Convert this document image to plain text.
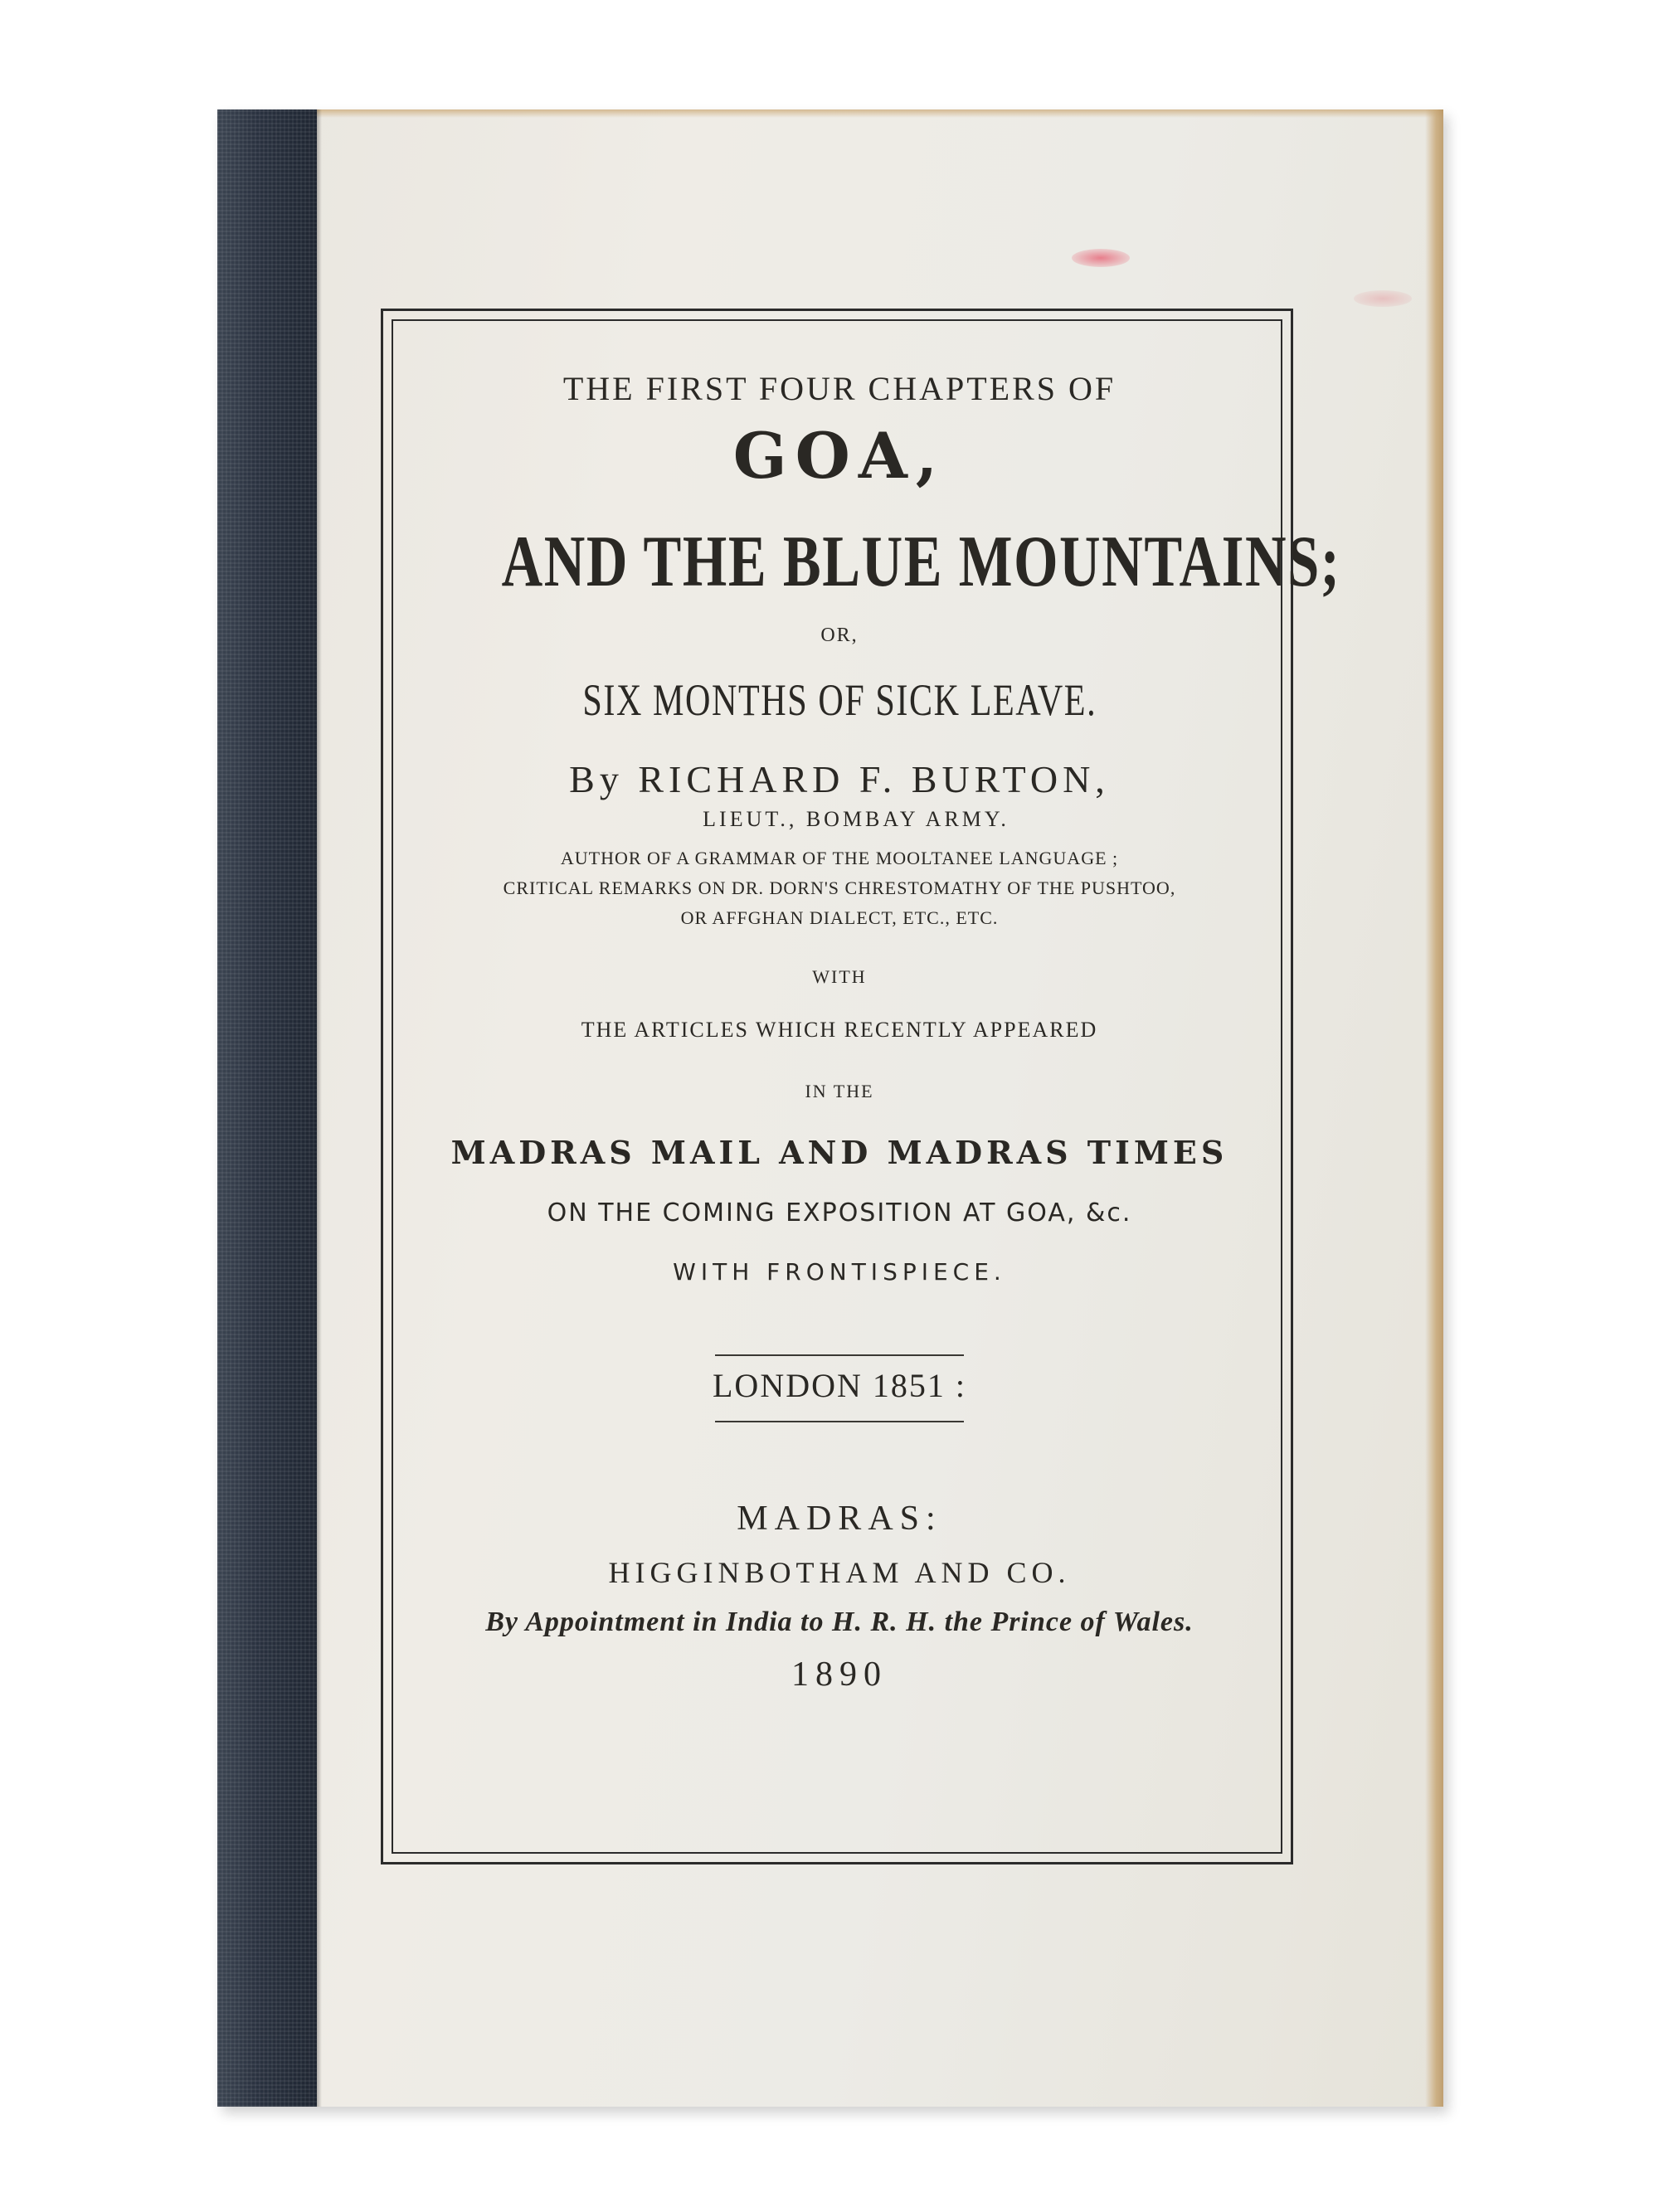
THE FIRST FOUR CHAPTERS OF
GOA,
AND THE BLUE MOUNTAINS;
OR,
SIX MONTHS OF SICK LEAVE.
By RICHARD F. BURTON,
LIEUT., BOMBAY ARMY.
AUTHOR OF A GRAMMAR OF THE MOOLTANEE LANGUAGE ;
CRITICAL REMARKS ON DR. DORN'S CHRESTOMATHY OF THE PUSHTOO,
OR AFFGHAN DIALECT, ETC., ETC.
WITH
THE ARTICLES WHICH RECENTLY APPEARED
IN THE
MADRAS MAIL AND MADRAS TIMES
ON THE COMING EXPOSITION AT GOA, &c.
WITH FRONTISPIECE.
LONDON 1851 :
MADRAS:
HIGGINBOTHAM AND CO.
By Appointment in India to H. R. H. the Prince of Wales.
1890
